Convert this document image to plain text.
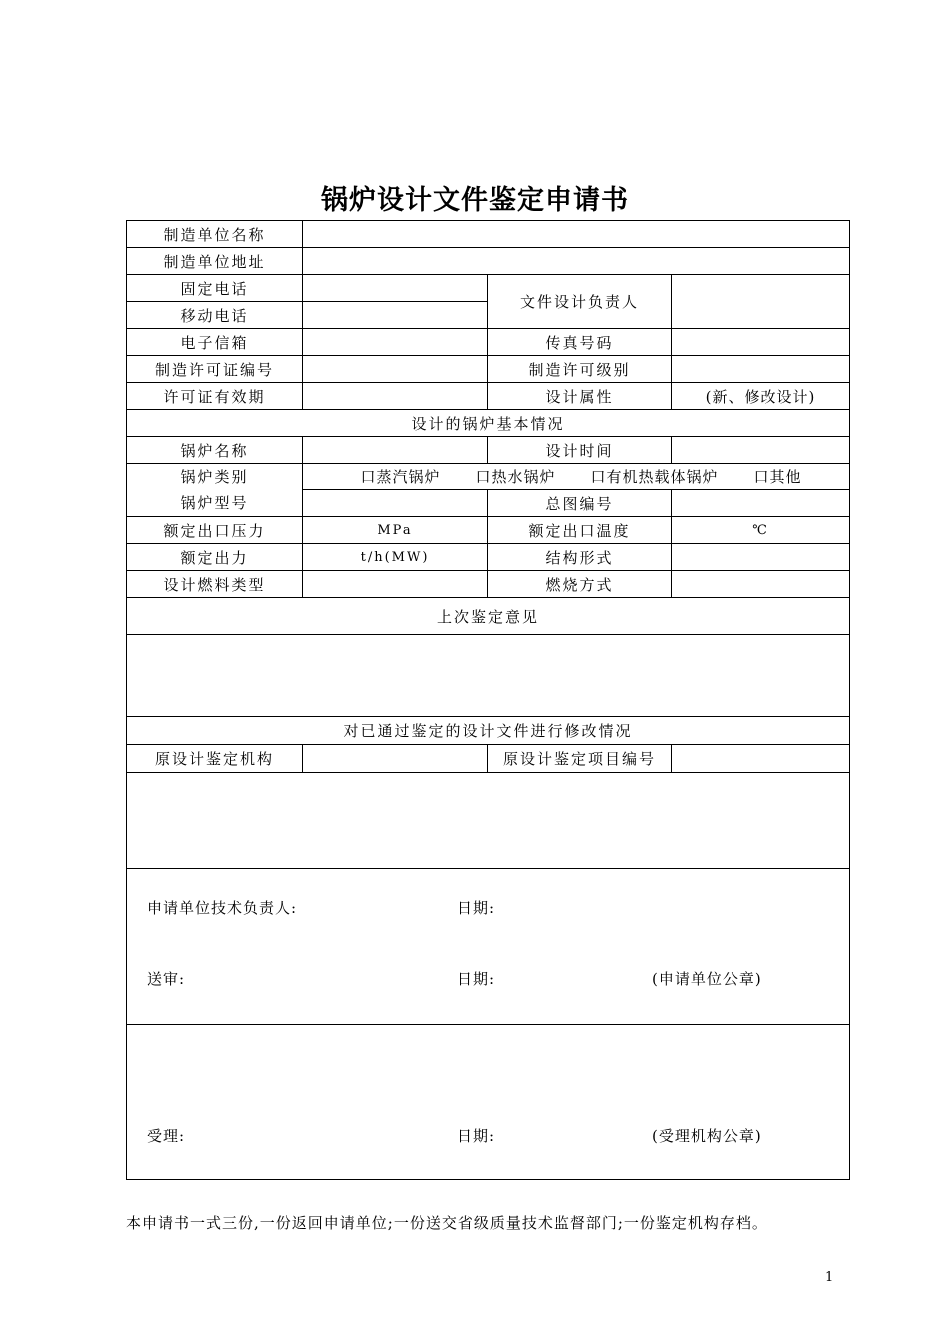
锅炉设计文件鉴定申请书
制造单位名称			
制造单位地址			
固定电话		文件设计负责人	
移动电话			
电子信箱		传真号码	
制造许可证编号		制造许可级别	
许可证有效期		设计属性	(新、修改设计)
设计的锅炉基本情况			
锅炉名称		设计时间	
锅炉类别	口蒸汽锅炉 口热水锅炉 口有机热载体锅炉 口其他		

锅炉型号		总图编号	
额定出口压力	MPa	额定出口温度	℃
额定出力	t/h(MW)	结构形式	
设计燃料类型		燃烧方式	
上次鉴定意见			

对已通过鉴定的设计文件进行修改情况			
原设计鉴定机构		原设计鉴定项目编号	

申请单位技术负责人: 日期:
送审: 日期: (申请单位公章)			

受理: 日期: (受理机构公章)			
本申请书一式三份,一份返回申请单位;一份送交省级质量技术监督部门;一份鉴定机构存档。
1
